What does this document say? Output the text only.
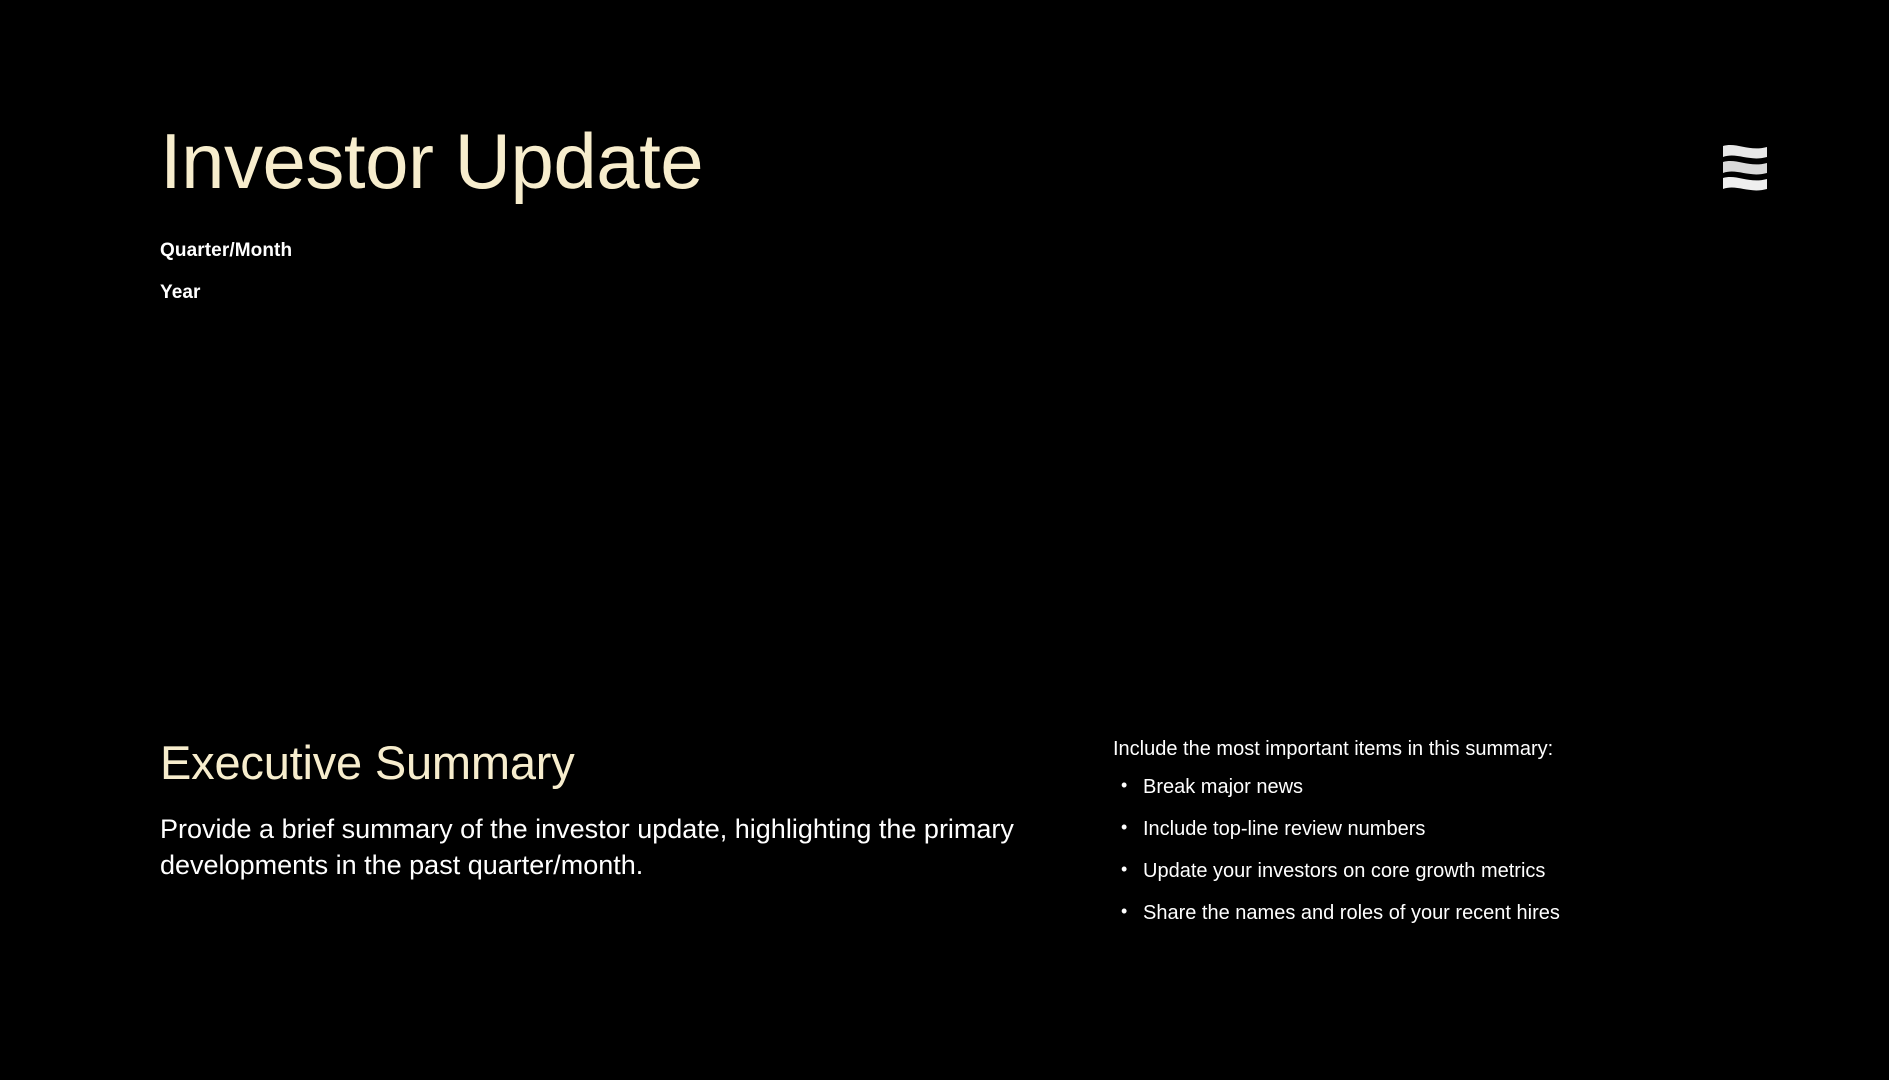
Investor Update

Quarter/Month

Year

Executive Summary

Provide a brief summary of the investor update, highlighting the primary developments in the past quarter/month.

Include the most important items in this summary:

• Break major news
• Include top-line review numbers
• Update your investors on core growth metrics
• Share the names and roles of your recent hires
